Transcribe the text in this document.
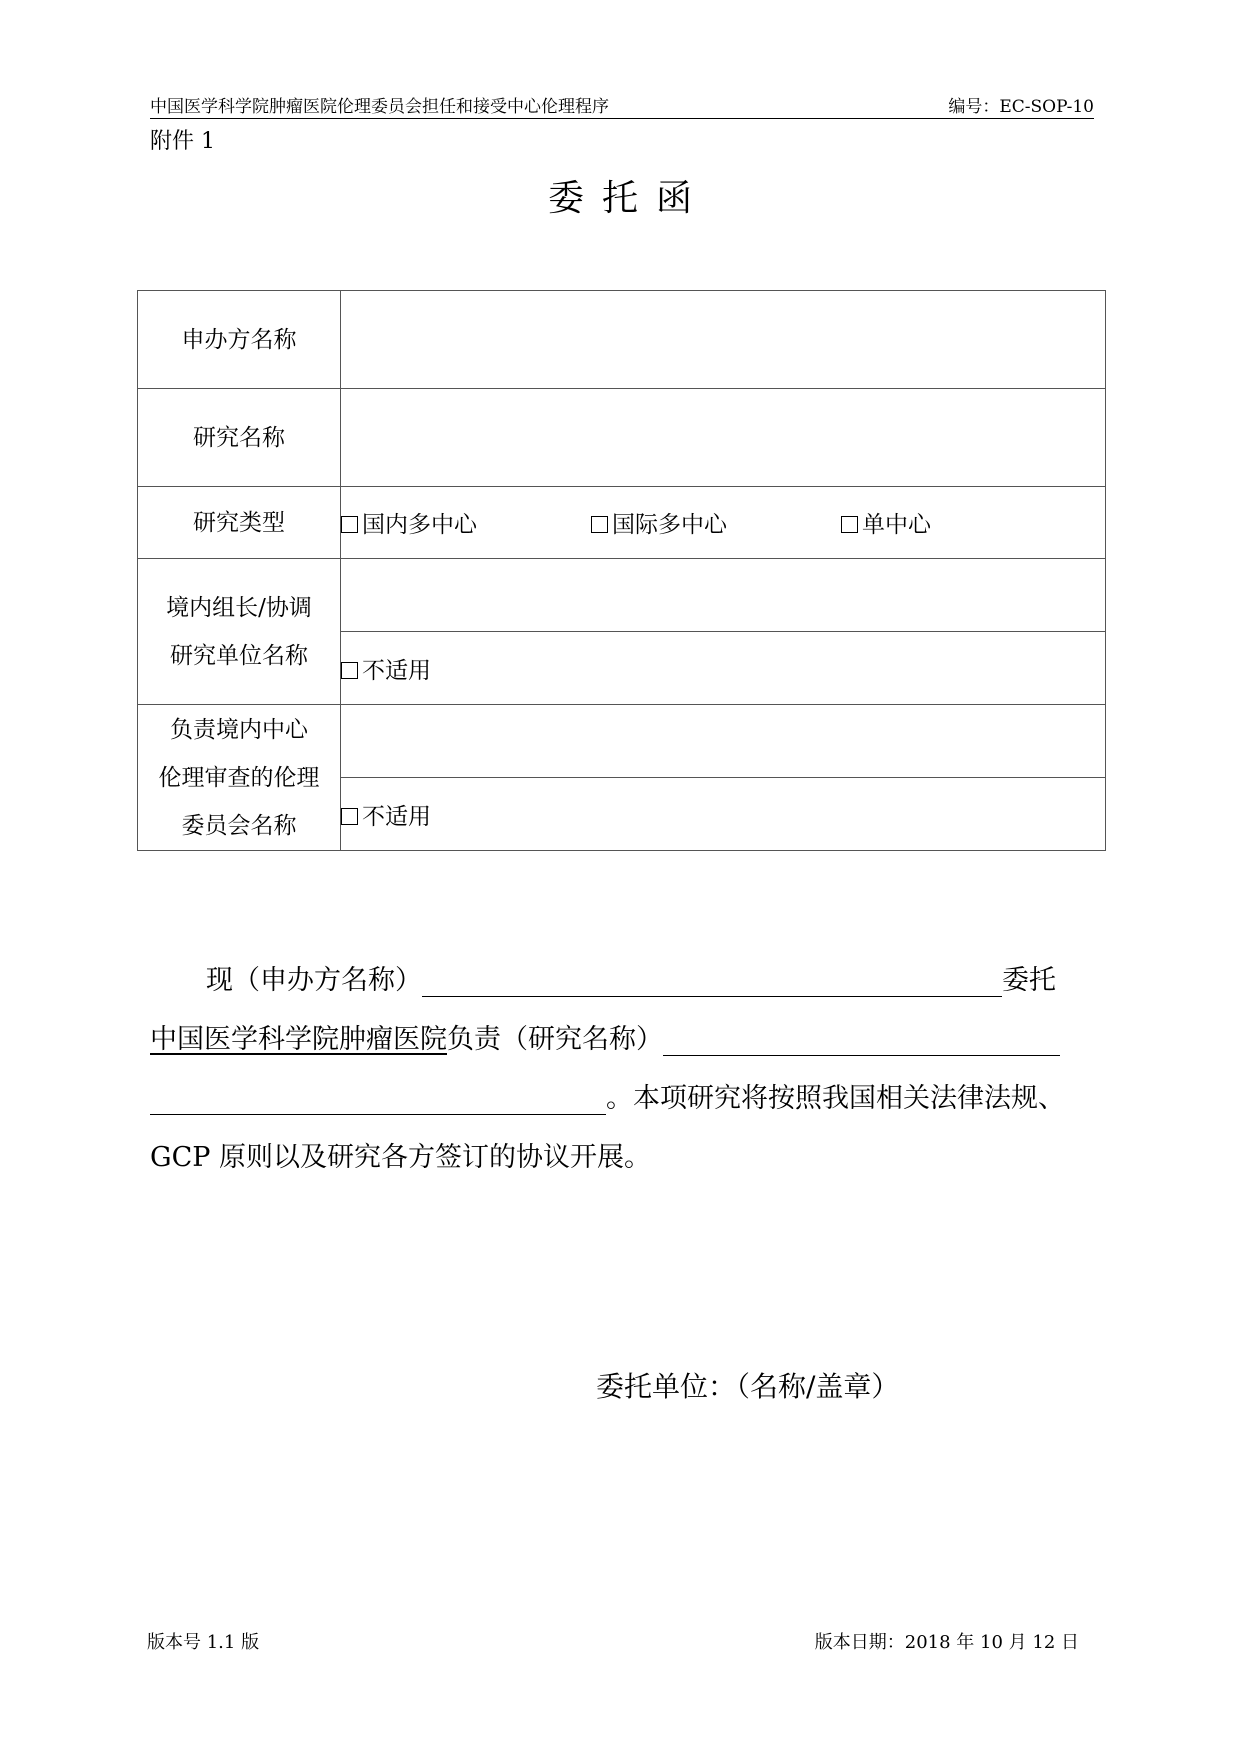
中国医学科学院肿瘤医院伦理委员会担任和接受中心伦理程序	编号：EC-SOP-10
附件 1
委托函
申办方名称	
研究名称	
研究类型	国内多中心 国际多中心 单中心

境内组长/协调
研究单位名称	

	不适用

负责境内中心
伦理审查的伦理
委员会名称	

	不适用
现（申办方名称）	委托
中国医学科学院肿瘤医院负责（研究名称）
。本项研究将按照我国相关法律法规、
GCP 原则以及研究各方签订的协议开展。
委托单位：（名称/盖章）
版本号 1.1 版	版本日期：2018 年 10 月 12 日
